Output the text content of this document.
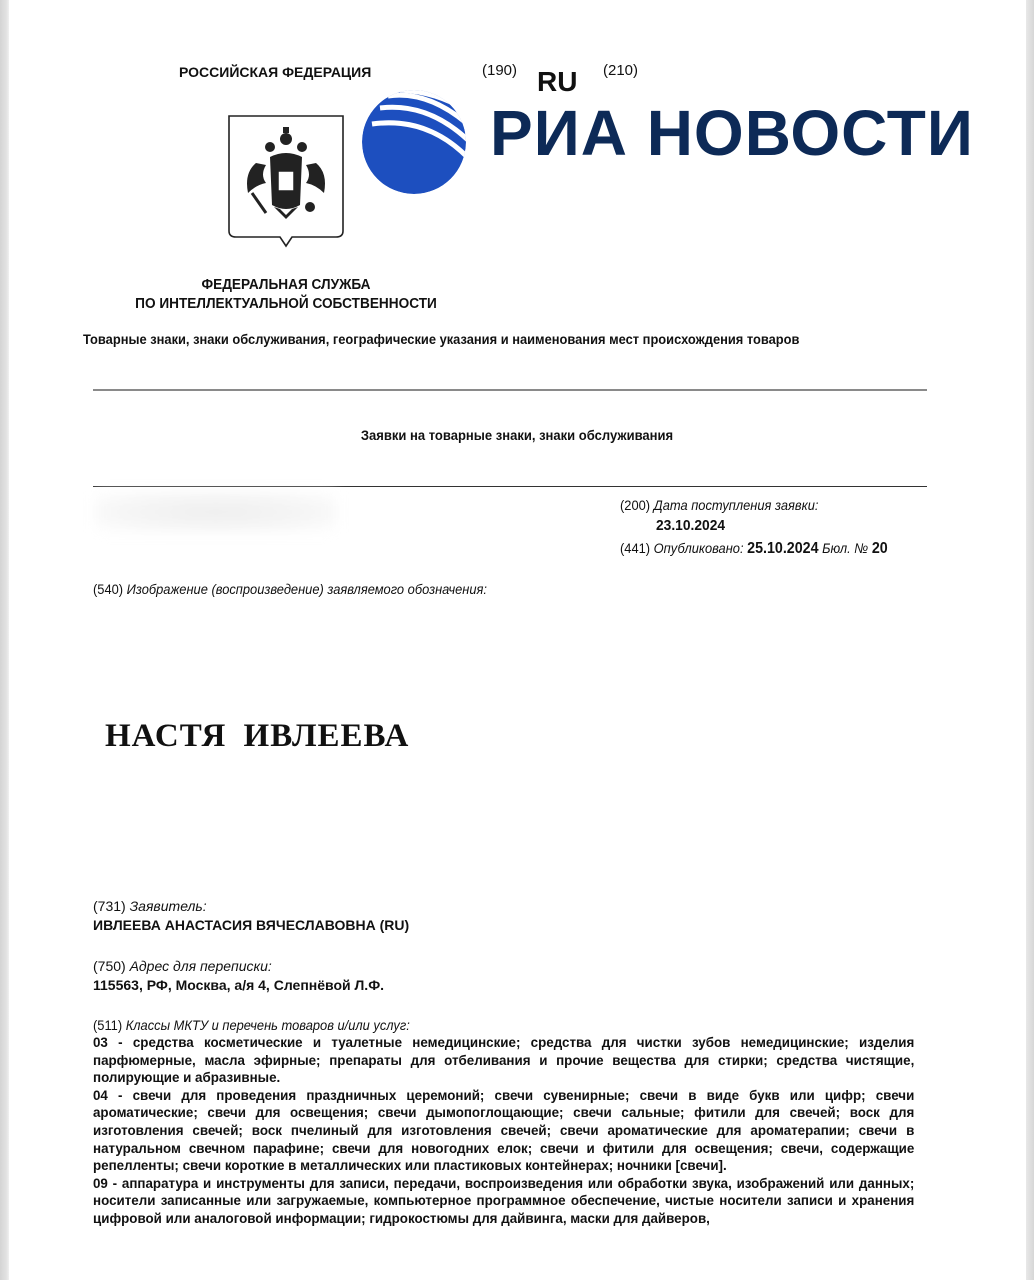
РОССИЙСКАЯ ФЕДЕРАЦИЯ	(190) RU (210)
РИА НОВОСТИ
ФЕДЕРАЛЬНАЯ СЛУЖБА
ПО ИНТЕЛЛЕКТУАЛЬНОЙ СОБСТВЕННОСТИ
Товарные знаки, знаки обслуживания, географические указания и наименования мест происхождения товаров
Заявки на товарные знаки, знаки обслуживания
(200) Дата поступления заявки:
23.10.2024
(441) Опубликовано: 25.10.2024 Бюл. № 20
(540) Изображение (воспроизведение) заявляемого обозначения:
НАСТЯ ИВЛЕЕВА
(731) Заявитель:
ИВЛЕЕВА АНАСТАСИЯ ВЯЧЕСЛАВОВНА (RU)
(750) Адрес для переписки:
115563, РФ, Москва, а/я 4, Слепнёвой Л.Ф.
(511) Классы МКТУ и перечень товаров и/или услуг:

03 - средства косметические и туалетные немедицинские; средства для чистки зубов немедицинские; изделия парфюмерные, масла эфирные; препараты для отбеливания и прочие вещества для стирки; средства чистящие, полирующие и абразивные.

04 - свечи для проведения праздничных церемоний; свечи сувенирные; свечи в виде букв или цифр; свечи ароматические; свечи для освещения; свечи дымопоглощающие; свечи сальные; фитили для свечей; воск для изготовления свечей; воск пчелиный для изготовления свечей; свечи ароматические для ароматерапии; свечи в натуральном свечном парафине; свечи для новогодних елок; свечи и фитили для освещения; свечи, содержащие репелленты; свечи короткие в металлических или пластиковых контейнерах; ночники [свечи].

09 - аппаратура и инструменты для записи, передачи, воспроизведения или обработки звука, изображений или данных; носители записанные или загружаемые, компьютерное программное обеспечение, чистые носители записи и хранения цифровой или аналоговой информации; гидрокостюмы для дайвинга, маски для дайверов,
